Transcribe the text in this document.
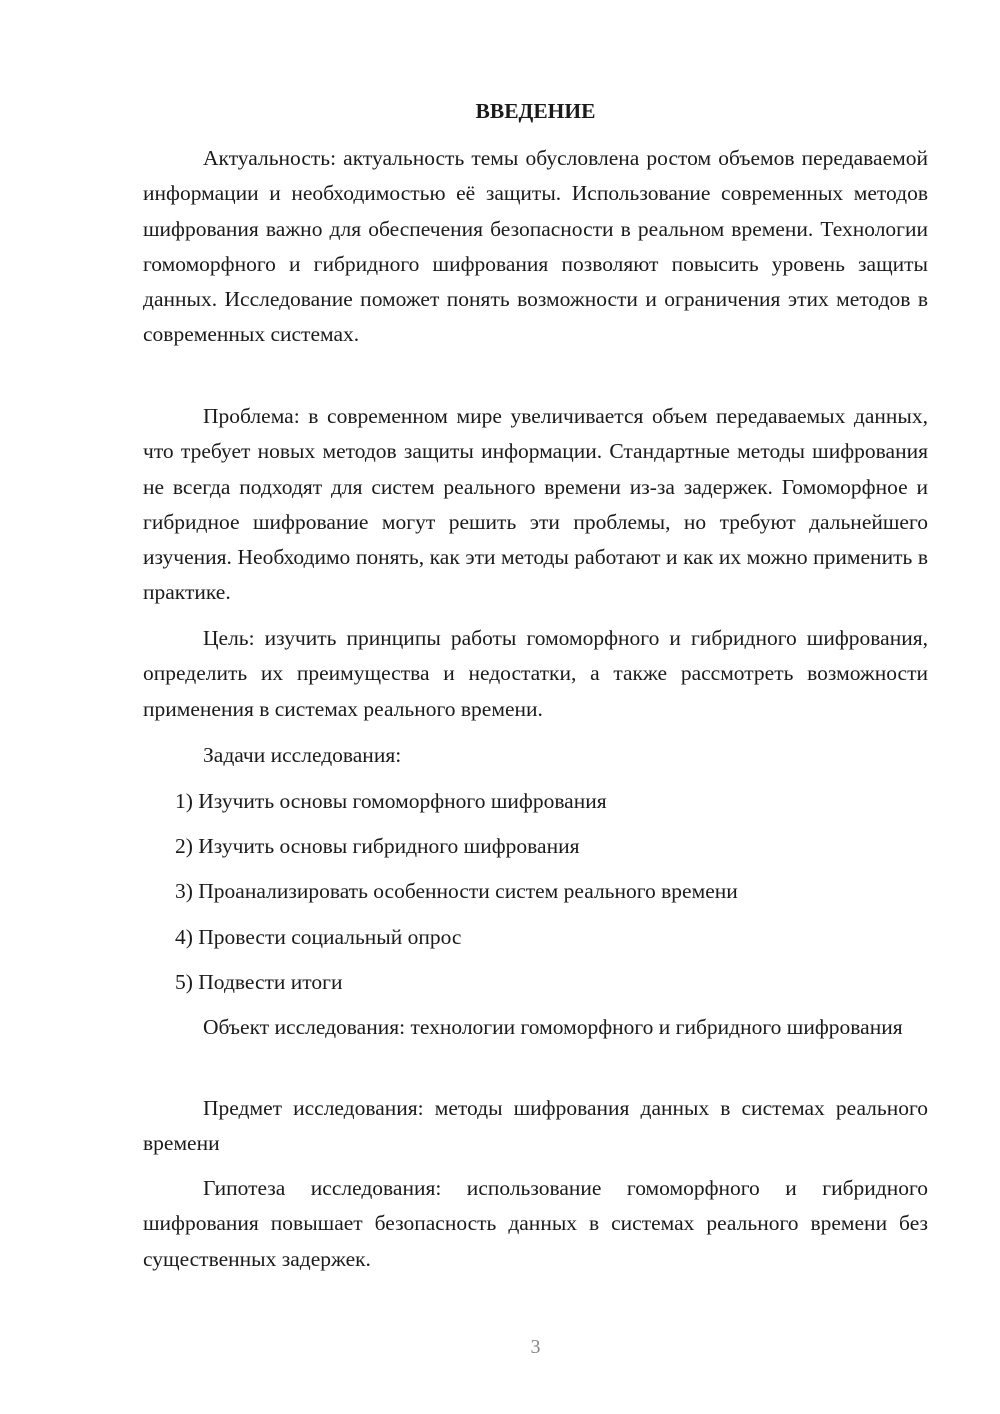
ВВЕДЕНИЕ

Актуальность: актуальность темы обусловлена ростом объемов передаваемой информации и необходимостью её защиты. Использование современных методов шифрования важно для обеспечения безопасности в реальном времени. Технологии гомоморфного и гибридного шифрования позволяют повысить уровень защиты данных. Исследование поможет понять возможности и ограничения этих методов в современных системах.

Проблема: в современном мире увеличивается объем передаваемых данных, что требует новых методов защиты информации. Стандартные методы шифрования не всегда подходят для систем реального времени из-за задержек. Гомоморфное и гибридное шифрование могут решить эти проблемы, но требуют дальнейшего изучения. Необходимо понять, как эти методы работают и как их можно применить в практике.

Цель: изучить принципы работы гомоморфного и гибридного шифрования, определить их преимущества и недостатки, а также рассмотреть возможности применения в системах реального времени.

Задачи исследования:

1) Изучить основы гомоморфного шифрования

2) Изучить основы гибридного шифрования

3) Проанализировать особенности систем реального времени

4) Провести социальный опрос

5) Подвести итоги

Объект исследования: технологии гомоморфного и гибридного шифрования

Предмет исследования: методы шифрования данных в системах реального времени

Гипотеза исследования: использование гомоморфного и гибридного шифрования повышает безопасность данных в системах реального времени без существенных задержек.

3
